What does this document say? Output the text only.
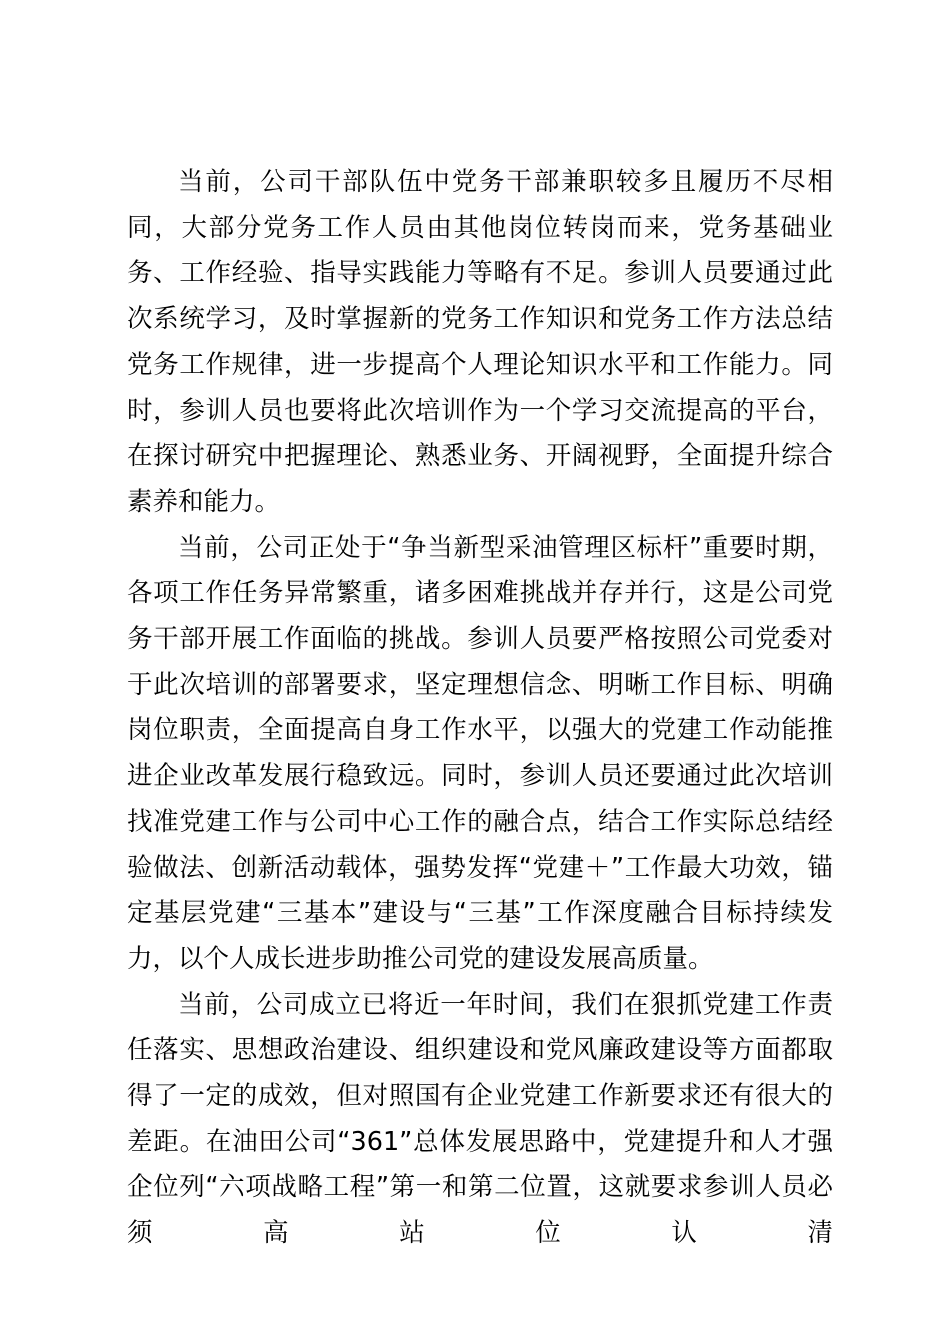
当前，公司干部队伍中党务干部兼职较多且履历不尽相同，大部分党务工作人员由其他岗位转岗而来，党务基础业务、工作经验、指导实践能力等略有不足。参训人员要通过此次系统学习，及时掌握新的党务工作知识和党务工作方法总结党务工作规律，进一步提高个人理论知识水平和工作能力。同时，参训人员也要将此次培训作为一个学习交流提高的平台，在探讨研究中把握理论、熟悉业务、开阔视野，全面提升综合素养和能力。

当前，公司正处于“争当新型采油管理区标杆”重要时期，各项工作任务异常繁重，诸多困难挑战并存并行，这是公司党务干部开展工作面临的挑战。参训人员要严格按照公司党委对于此次培训的部署要求，坚定理想信念、明晰工作目标、明确岗位职责，全面提高自身工作水平，以强大的党建工作动能推进企业改革发展行稳致远。同时，参训人员还要通过此次培训找准党建工作与公司中心工作的融合点，结合工作实际总结经验做法、创新活动载体，强势发挥“党建＋”工作最大功效，锚定基层党建“三基本”建设与“三基”工作深度融合目标持续发力，以个人成长进步助推公司党的建设发展高质量。

当前，公司成立已将近一年时间，我们在狠抓党建工作责任落实、思想政治建设、组织建设和党风廉政建设等方面都取得了一定的成效，但对照国有企业党建工作新要求还有很大的差距。在油田公司“361”总体发展思路中，党建提升和人才强企位列“六项战略工程”第一和第二位置，这就要求参训人员必须高站位认清
